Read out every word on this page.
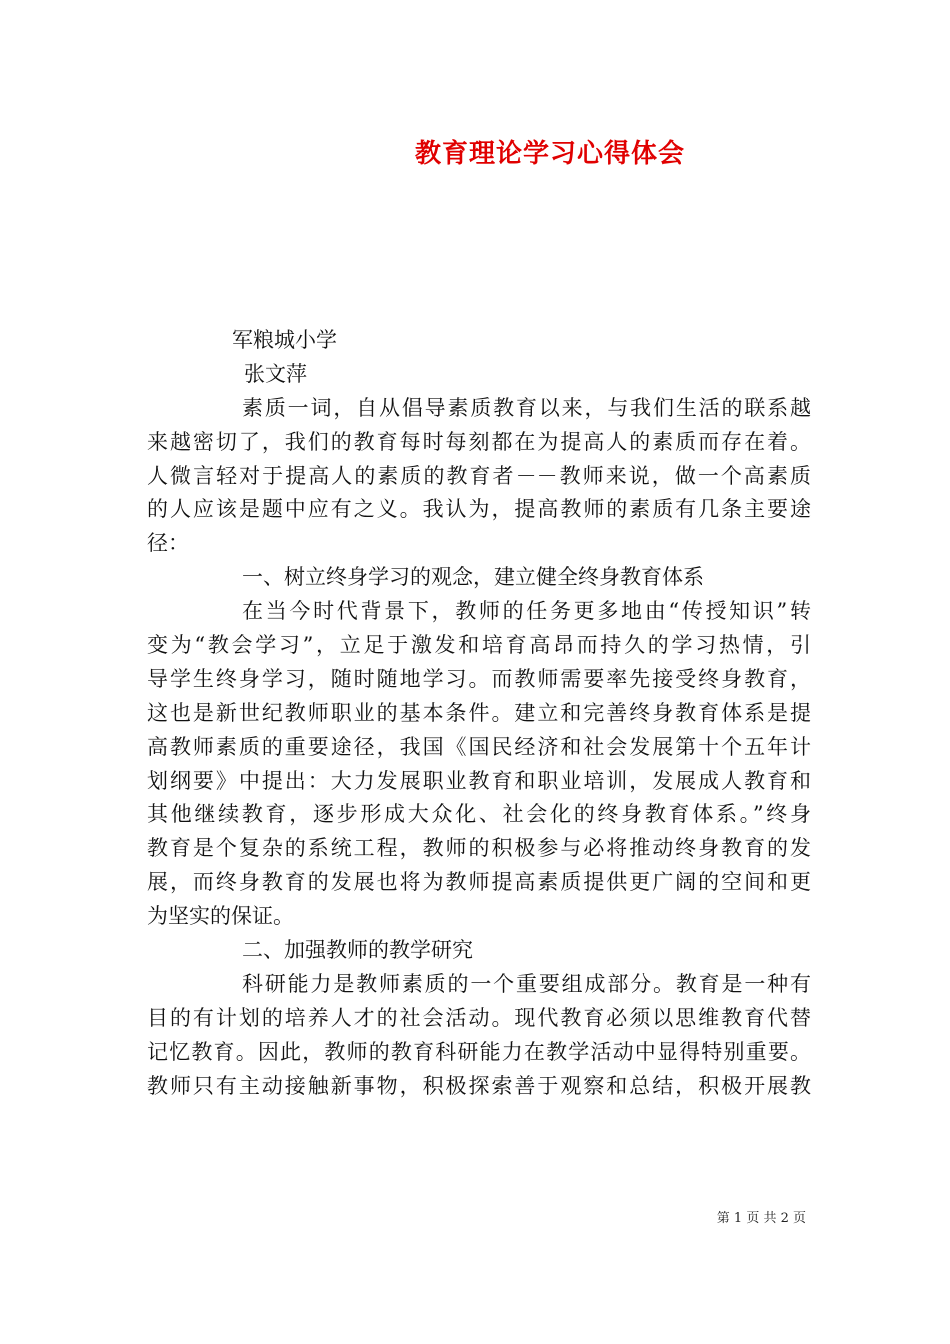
教育理论学习心得体会
军粮城小学
张文萍
素质一词，自从倡导素质教育以来，与我们生活的联系越
来越密切了，我们的教育每时每刻都在为提高人的素质而存在着。
人微言轻对于提高人的素质的教育者－－教师来说，做一个高素质
的人应该是题中应有之义。我认为，提高教师的素质有几条主要途
径：
一、树立终身学习的观念，建立健全终身教育体系
在当今时代背景下，教师的任务更多地由“传授知识”转
变为“教会学习”，立足于激发和培育高昂而持久的学习热情，引
导学生终身学习，随时随地学习。而教师需要率先接受终身教育，
这也是新世纪教师职业的基本条件。建立和完善终身教育体系是提
高教师素质的重要途径，我国《国民经济和社会发展第十个五年计
划纲要》中提出：大力发展职业教育和职业培训，发展成人教育和
其他继续教育，逐步形成大众化、社会化的终身教育体系。”终身
教育是个复杂的系统工程，教师的积极参与必将推动终身教育的发
展，而终身教育的发展也将为教师提高素质提供更广阔的空间和更
为坚实的保证。
二、加强教师的教学研究
科研能力是教师素质的一个重要组成部分。教育是一种有
目的有计划的培养人才的社会活动。现代教育必须以思维教育代替
记忆教育。因此，教师的教育科研能力在教学活动中显得特别重要。
教师只有主动接触新事物，积极探索善于观察和总结，积极开展教
第 1 页 共 2 页
